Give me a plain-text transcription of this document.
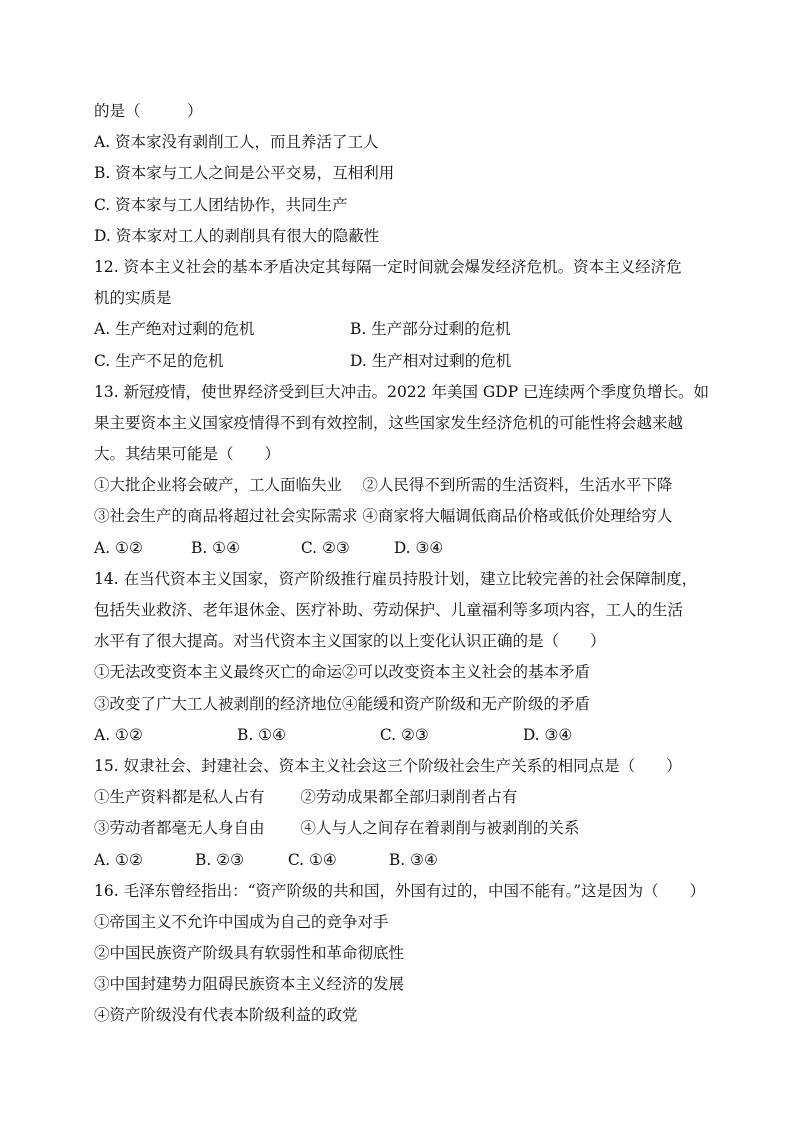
的是（　　　）
A. 资本家没有剥削工人，而且养活了工人
B. 资本家与工人之间是公平交易，互相利用
C. 资本家与工人团结协作，共同生产
D. 资本家对工人的剥削具有很大的隐蔽性
12. 资本主义社会的基本矛盾决定其每隔一定时间就会爆发经济危机。资本主义经济危
机的实质是
A. 生产绝对过剩的危机	B. 生产部分过剩的危机
C. 生产不足的危机	D. 生产相对过剩的危机
13. 新冠疫情，使世界经济受到巨大冲击。2022 年美国 GDP 已连续两个季度负增长。如
果主要资本主义国家疫情得不到有效控制，这些国家发生经济危机的可能性将会越来越
大。其结果可能是（　　）
①大批企业将会破产，工人面临失业　 ②人民得不到所需的生活资料，生活水平下降
③社会生产的商品将超过社会实际需求 ④商家将大幅调低商品价格或低价处理给穷人
A. ①②	B. ①④	C. ②③	D. ③④
14. 在当代资本主义国家，资产阶级推行雇员持股计划，建立比较完善的社会保障制度，
包括失业救济、老年退休金、医疗补助、劳动保护、儿童福利等多项内容，工人的生活
水平有了很大提高。对当代资本主义国家的以上变化认识正确的是（　　）
①无法改变资本主义最终灭亡的命运②可以改变资本主义社会的基本矛盾
③改变了广大工人被剥削的经济地位④能缓和资产阶级和无产阶级的矛盾
A. ①②	B. ①④	C. ②③	D. ③④
15. 奴隶社会、封建社会、资本主义社会这三个阶级社会生产关系的相同点是（　　）
①生产资料都是私人占有　　 ②劳动成果都全部归剥削者占有
③劳动者都毫无人身自由　　 ④人与人之间存在着剥削与被剥削的关系
A. ①②	B. ②③	C. ①④	B. ③④
16. 毛泽东曾经指出：“资产阶级的共和国，外国有过的，中国不能有。”这是因为（　　）
①帝国主义不允许中国成为自己的竞争对手
②中国民族资产阶级具有软弱性和革命彻底性
③中国封建势力阻碍民族资本主义经济的发展
④资产阶级没有代表本阶级利益的政党
